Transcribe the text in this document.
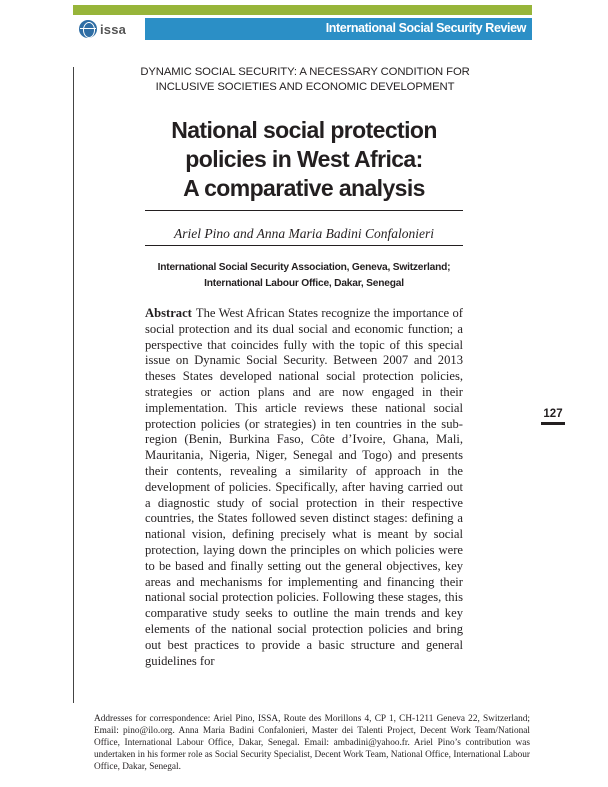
issa	International Social Security Review
DYNAMIC SOCIAL SECURITY: A NECESSARY CONDITION FOR
INCLUSIVE SOCIETIES AND ECONOMIC DEVELOPMENT
National social protection
policies in West Africa:
A comparative analysis
Ariel Pino and Anna Maria Badini Confalonieri
International Social Security Association, Geneva, Switzerland;
International Labour Office, Dakar, Senegal
Abstract The West African States recognize the importance of social protection and its dual social and economic function; a perspective that coincides fully with the topic of this special issue on Dynamic Social Security. Between 2007 and 2013 theses States developed national social protection policies, strategies or action plans and are now engaged in their implementation. This article reviews these national social protection policies (or strategies) in ten countries in the sub-region (Benin, Burkina Faso, Côte d’Ivoire, Ghana, Mali, Mauritania, Nigeria, Niger, Senegal and Togo) and presents their contents, revealing a similarity of approach in the development of policies. Specifically, after having carried out a diagnostic study of social protection in their respective countries, the States followed seven distinct stages: defining a national vision, defining precisely what is meant by social protection, laying down the principles on which policies were to be based and finally setting out the general objectives, key areas and mechanisms for implementing and financing their national social protection policies. Following these stages, this comparative study seeks to outline the main trends and key elements of the national social protection policies and bring out best practices to provide a basic structure and general guidelines for
127
Addresses for correspondence: Ariel Pino, ISSA, Route des Morillons 4, CP 1, CH-1211 Geneva 22, Switzerland; Email: pino@ilo.org. Anna Maria Badini Confalonieri, Master dei Talenti Project, Decent Work Team/National Office, International Labour Office, Dakar, Senegal. Email: ambadini@yahoo.fr. Ariel Pino’s contribution was undertaken in his former role as Social Security Specialist, Decent Work Team, National Office, International Labour Office, Dakar, Senegal.
